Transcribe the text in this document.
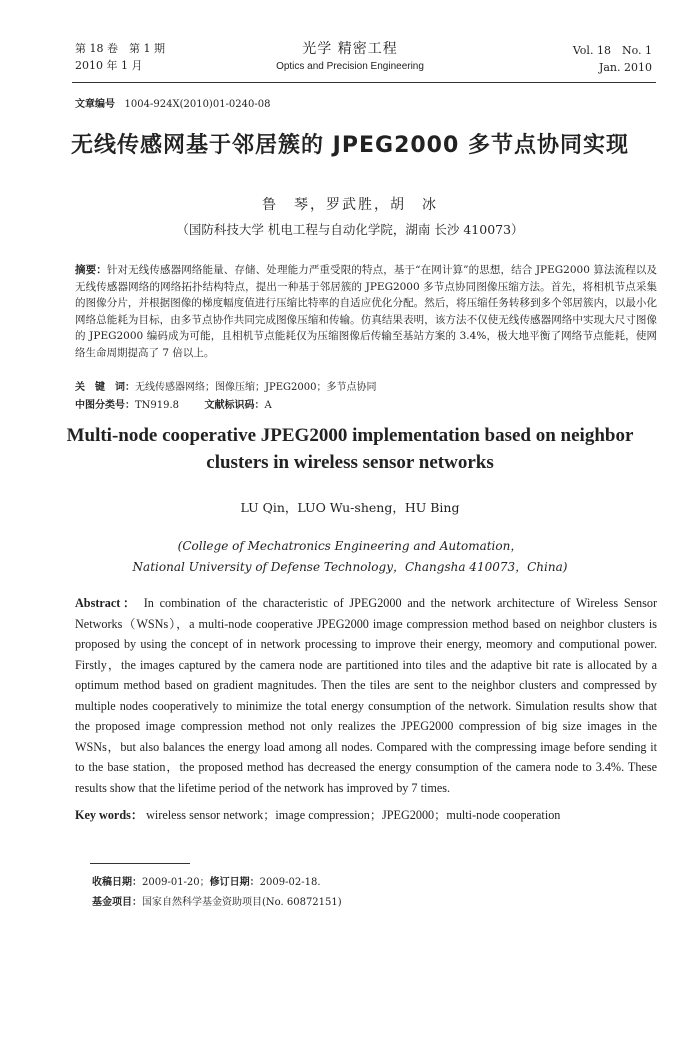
第 18 卷　第 1 期
2010 年 1 月
光学 精密工程
Optics and Precision Engineering
Vol. 18　No. 1
Jan. 2010
文章编号 1004-924X(2010)01-0240-08
无线传感网基于邻居簇的 JPEG2000 多节点协同实现
鲁　琴，罗武胜，胡　冰
（国防科技大学 机电工程与自动化学院，湖南 长沙 410073）
摘要：针对无线传感器网络能量、存储、处理能力严重受限的特点，基于“在网计算”的思想，结合 JPEG2000 算法流程以及无线传感器网络的网络拓扑结构特点，提出一种基于邻居簇的 JPEG2000 多节点协同图像压缩方法。首先，将相机节点采集的图像分片，并根据图像的梯度幅度值进行压缩比特率的自适应优化分配。然后，将压缩任务转移到多个邻居簇内，以最小化网络总能耗为目标，由多节点协作共同完成图像压缩和传输。仿真结果表明，该方法不仅使无线传感器网络中实现大尺寸图像的 JPEG2000 编码成为可能，且相机节点能耗仅为压缩图像后传输至基站方案的 3.4%，极大地平衡了网络节点能耗，使网络生命周期提高了 7 倍以上。
关　键　词：无线传感器网络；图像压缩；JPEG2000；多节点协同
中图分类号：TN919.8	文献标识码：A
Multi-node cooperative JPEG2000 implementation based on neighbor clusters in wireless sensor networks
LU Qin，LUO Wu-sheng，HU Bing
(College of Mechatronics Engineering and Automation，
National University of Defense Technology，Changsha 410073，China)
Abstract： In combination of the characteristic of JPEG2000 and the network architecture of Wireless Sensor Networks（WSNs），a multi-node cooperative JPEG2000 image compression method based on neighbor clusters is proposed by using the concept of in network processing to improve their energy, meomory and computional power. Firstly，the images captured by the camera node are partitioned into tiles and the adaptive bit rate is allocated by a optimum method based on gradient magnitudes. Then the tiles are sent to the neighbor clusters and compressed by multiple nodes cooperatively to minimize the total energy consumption of the network. Simulation results show that the proposed image compression method not only realizes the JPEG2000 compression of big size images in the WSNs，but also balances the energy load among all nodes. Compared with the compressing image before sending it to the base station，the proposed method has decreased the energy consumption of the camera node to 3.4%. These results show that the lifetime period of the network has improved by 7 times.
Key words： wireless sensor network；image compression；JPEG2000；multi-node cooperation
收稿日期：2009-01-20；修订日期：2009-02-18.
基金项目：国家自然科学基金资助项目(No. 60872151)
